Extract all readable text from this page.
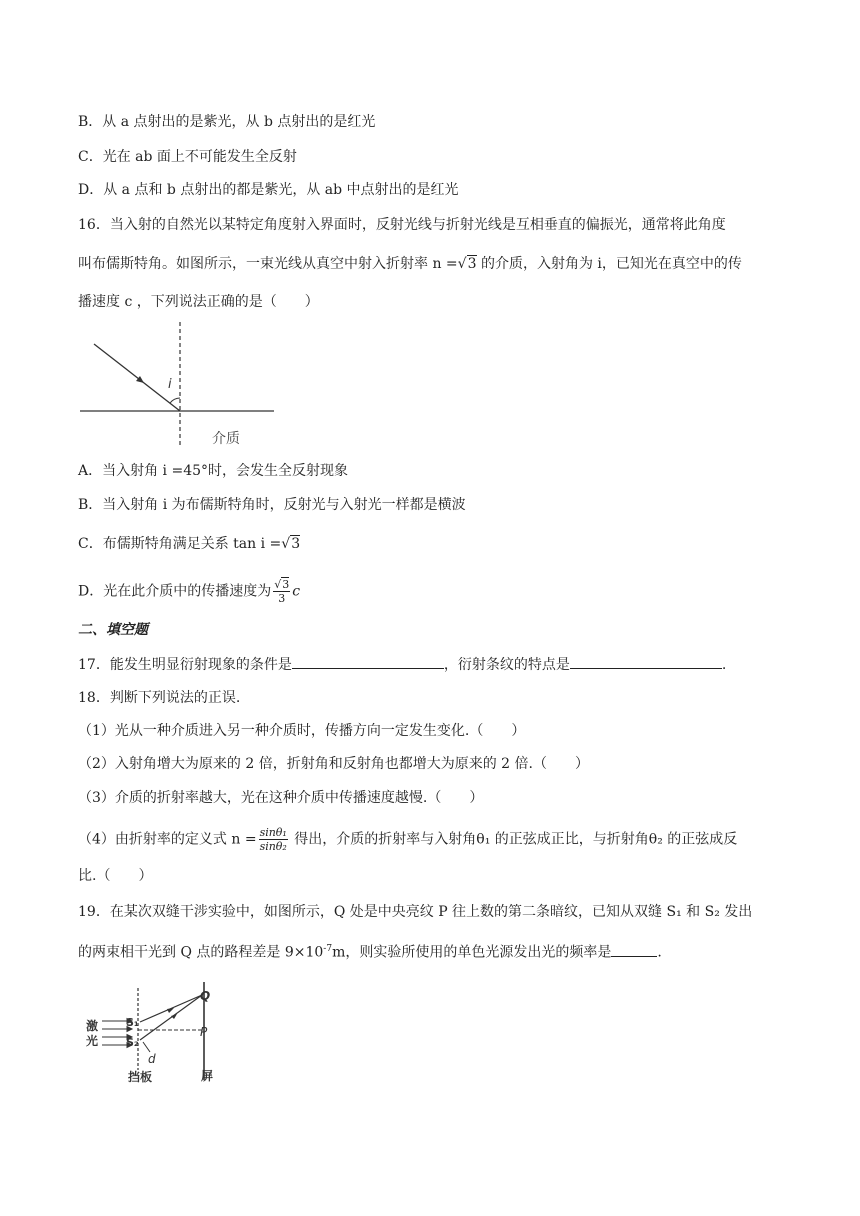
B．从 a 点射出的是紫光，从 b 点射出的是红光
C．光在 ab 面上不可能发生全反射
D．从 a 点和 b 点射出的都是紫光，从 ab 中点射出的是红光
16．当入射的自然光以某特定角度射入界面时，反射光线与折射光线是互相垂直的偏振光，通常将此角度
叫布儒斯特角。如图所示，一束光线从真空中射入折射率 n =√3 的介质，入射角为 i，已知光在真空中的传
播速度 c ，下列说法正确的是（　　）
i
介质
A．当入射角 i =45°时，会发生全反射现象
B．当入射角 i 为布儒斯特角时，反射光与入射光一样都是横波
C．布儒斯特角满足关系 tan i =√3
D．光在此介质中的传播速度为 $\frac{√3}{3}$ c
二、填空题
17．能发生明显衍射现象的条件是	，衍射条纹的特点是	.
18．判断下列说法的正误.
（1）光从一种介质进入另一种介质时，传播方向一定发生变化.（　　）
（2）入射角增大为原来的 2 倍，折射角和反射角也都增大为原来的 2 倍.（　　）
（3）介质的折射率越大，光在这种介质中传播速度越慢.（　　）
（4）由折射率的定义式 $n = \frac{\text{sinθ₁}}{\text{sinθ₂}}$ 得出，介质的折射率与入射角θ₁ 的正弦成正比，与折射角θ₂ 的正弦成反
比.（　　）
19．在某次双缝干涉实验中，如图所示，Q 处是中央亮纹 P 往上数的第二条暗纹，已知从双缝 S₁ 和 S₂ 发出
的两束相干光到 Q 点的路程差是 $9\times 10^{-7}m$，则实验所使用的单色光源发出光的频率是	.
激
光
S₁
S₂
Q
P
d
挡板	屏
